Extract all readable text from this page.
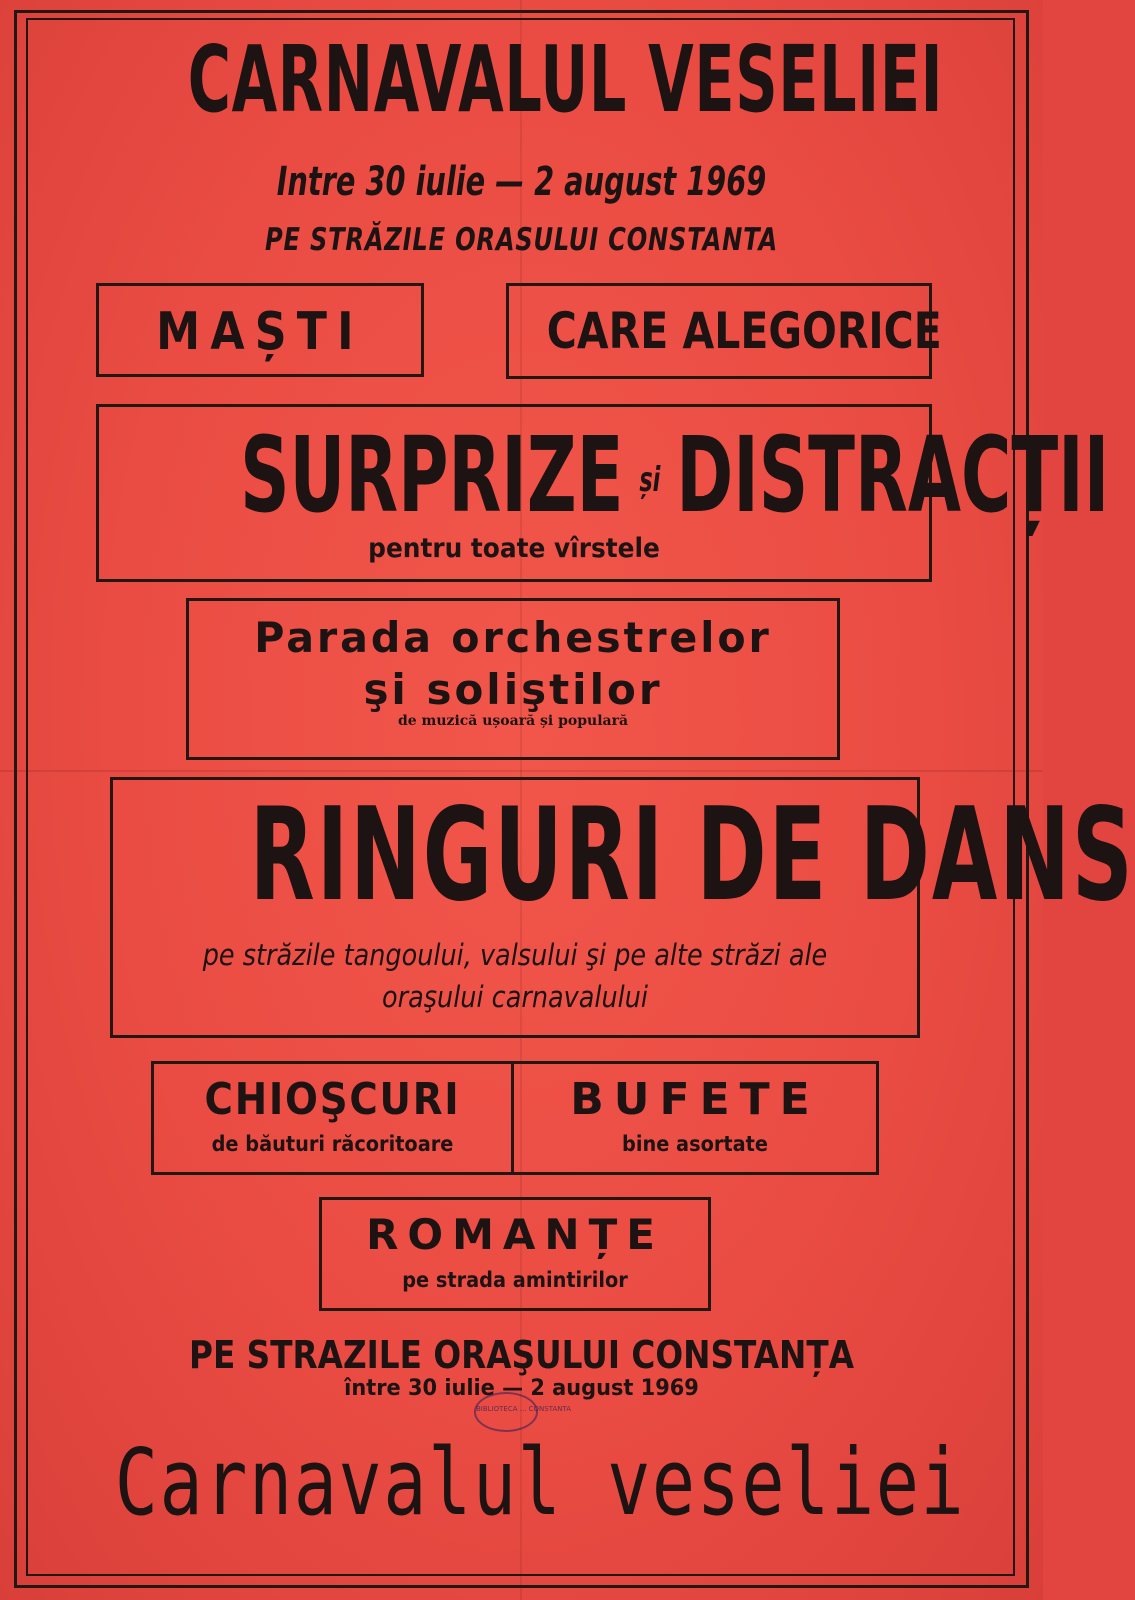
CARNAVALUL VESELIEI
Intre 30 iulie — 2 august 1969
PE STRĂZILE ORASULUI CONSTANTA
MAȘTI	CARE ALEGORICE
SURPRIZE și DISTRACȚII
pentru toate vîrstele
Parada orchestrelor
şi soliştilor
de muzică ușoară și populară
RINGURI DE DANS
pe străzile tangoului, valsului şi pe alte străzi ale
oraşului carnavalului
CHIOŞCURI
de băuturi răcoritoare
BUFETE
bine asortate
ROMANȚE
pe strada amintirilor
PE STRAZILE ORAŞULUI CONSTANȚA
între 30 iulie — 2 august 1969
BIBLIOTECA ... CONSTANTA
Carnavalul veseliei
